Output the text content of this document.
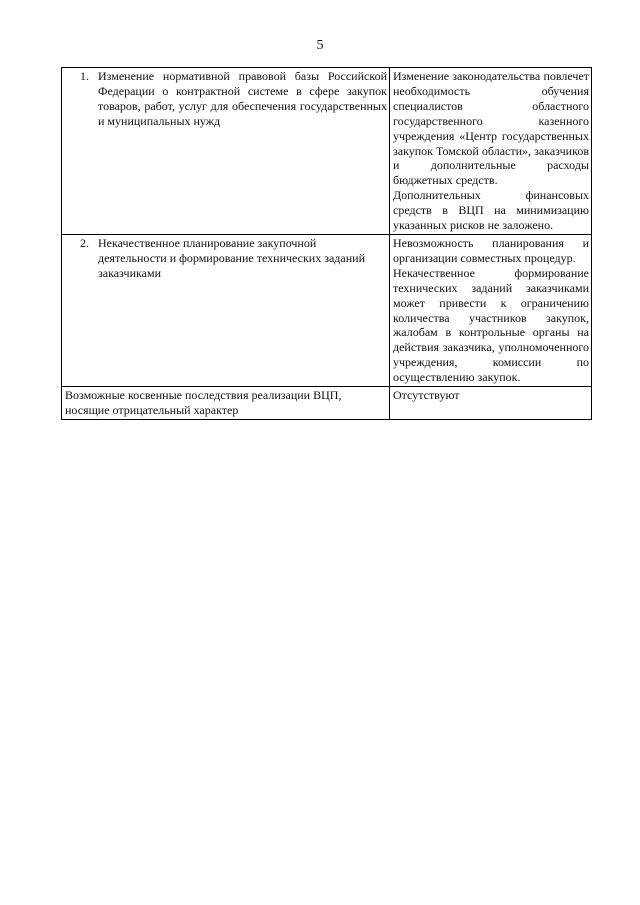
5
1. Изменение нормативной правовой базы Российской Федерации о контрактной системе в сфере закупок товаров, работ, услуг для обеспечения государственных и муниципальных нужд	Изменение законодательства повлечет необходимость обучения специалистов областного государственного казенного учреждения «Центр государственных закупок Томской области», заказчиков и дополнительные расходы бюджетных средств.
Дополнительных финансовых средств в ВЦП на минимизацию указанных рисков не заложено.

2. Некачественное планирование закупочной деятельности и формирование технических заданий заказчиками	Невозможность планирования и организации совместных процедур.
Некачественное формирование технических заданий заказчиками может привести к ограничению количества участников закупок, жалобам в контрольные органы на действия заказчика, уполномоченного учреждения, комиссии по осуществлению закупок.

Возможные косвенные последствия реализации ВЦП, носящие отрицательный характер	Отсутствуют
